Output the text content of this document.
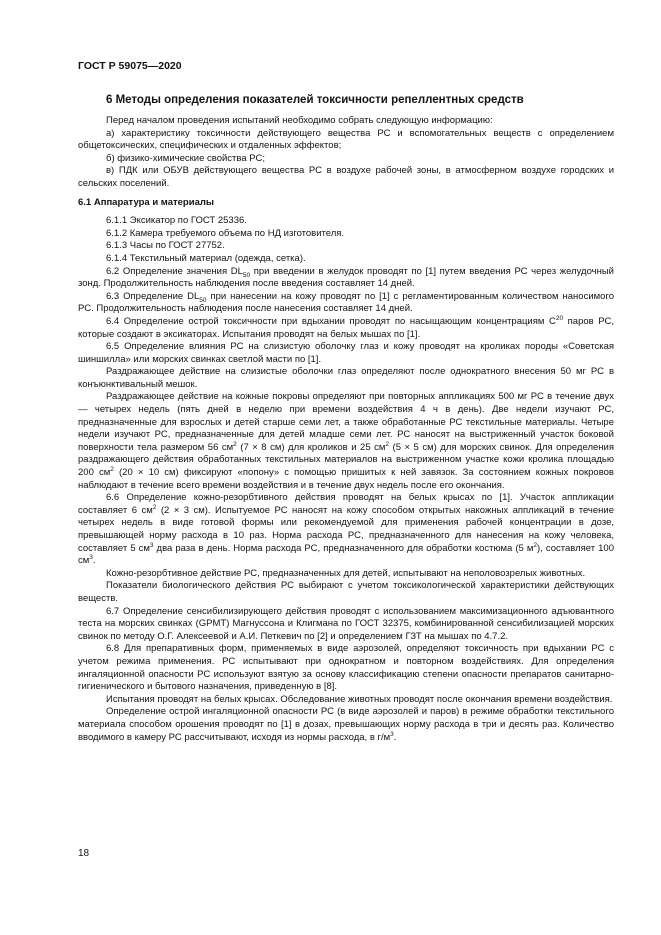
ГОСТ Р 59075—2020
6 Методы определения показателей токсичности репеллентных средств

Перед началом проведения испытаний необходимо собрать следующую информацию:

а) характеристику токсичности действующего вещества РС и вспомогательных веществ с определением общетоксических, специфических и отдаленных эффектов;

б) физико-химические свойства РС;

в) ПДК или ОБУВ действующего вещества РС в воздухе рабочей зоны, в атмосферном воздухе городских и сельских поселений.

6.1 Аппаратура и материалы

6.1.1 Эксикатор по ГОСТ 25336.

6.1.2 Камера требуемого объема по НД изготовителя.

6.1.3 Часы по ГОСТ 27752.

6.1.4 Текстильный материал (одежда, сетка).

6.2 Определение значения $DL_{50}$ при введении в желудок проводят по [1] путем введения РС через желудочный зонд. Продолжительность наблюдения после введения составляет 14 дней.

6.3 Определение $DL_{50}$ при нанесении на кожу проводят по [1] с регламентированным количеством наносимого РС. Продолжительность наблюдения после нанесения составляет 14 дней.

6.4 Определение острой токсичности при вдыхании проводят по насыщающим концентрациям $C^{20}$ паров РС, которые создают в эксикаторах. Испытания проводят на белых мышах по [1].

6.5 Определение влияния РС на слизистую оболочку глаз и кожу проводят на кроликах породы «Советская шиншилла» или морских свинках светлой масти по [1].

Раздражающее действие на слизистые оболочки глаз определяют после однократного внесения 50 мг РС в конъюнктивальный мешок.

Раздражающее действие на кожные покровы определяют при повторных аппликациях 500 мг РС в течение двух — четырех недель (пять дней в неделю при времени воздействия 4 ч в день). Две недели изучают РС, предназначенные для взрослых и детей старше семи лет, а также обработанные РС текстильные материалы. Четыре недели изучают РС, предназначенные для детей младше семи лет. РС наносят на выстриженный участок боковой поверхности тела размером 56 $см^2$ (7 × 8 см) для кроликов и 25 $см^2$ (5 × 5 см) для морских свинок. Для определения раздражающего действия обработанных текстильных материалов на выстриженном участке кожи кролика площадью 200 $см^2$ (20 × 10 см) фиксируют «попону» с помощью пришитых к ней завязок. За состоянием кожных покровов наблюдают в течение всего времени воздействия и в течение двух недель после его окончания.

6.6 Определение кожно-резорбтивного действия проводят на белых крысах по [1]. Участок аппликации составляет 6 $см^2$ (2 × 3 см). Испытуемое РС наносят на кожу способом открытых накожных аппликаций в течение четырех недель в виде готовой формы или рекомендуемой для применения рабочей концентрации в дозе, превышающей норму расхода в 10 раз. Норма расхода РС, предназначенного для нанесения на кожу человека, составляет 5 $см^3$ два раза в день. Норма расхода РС, предназначенного для обработки костюма (5 $м^2$), составляет 100 $см^3$.

Кожно-резорбтивное действие РС, предназначенных для детей, испытывают на неполовозрелых животных.

Показатели биологического действия РС выбирают с учетом токсикологической характеристики действующих веществ.

6.7 Определение сенсибилизирующего действия проводят с использованием максимизационного адъювантного теста на морских свинках (GPMT) Магнуссона и Клигмана по ГОСТ 32375, комбинированной сенсибилизацией морских свинок по методу О.Г. Алексеевой и А.И. Петкевич по [2] и определением ГЗТ на мышах по 4.7.2.

6.8 Для препаративных форм, применяемых в виде аэрозолей, определяют токсичность при вдыхании РС с учетом режима применения. РС испытывают при однократном и повторном воздействиях. Для определения ингаляционной опасности РС используют взятую за основу классификацию степени опасности препаратов санитарно-гигиенического и бытового назначения, приведенную в [8].

Испытания проводят на белых крысах. Обследование животных проводят после окончания времени воздействия.

Определение острой ингаляционной опасности РС (в виде аэрозолей и паров) в режиме обработки текстильного материала способом орошения проводят по [1] в дозах, превышающих норму расхода в три и десять раз. Количество вводимого в камеру РС рассчитывают, исходя из нормы расхода, в $г/м^3$.

18
